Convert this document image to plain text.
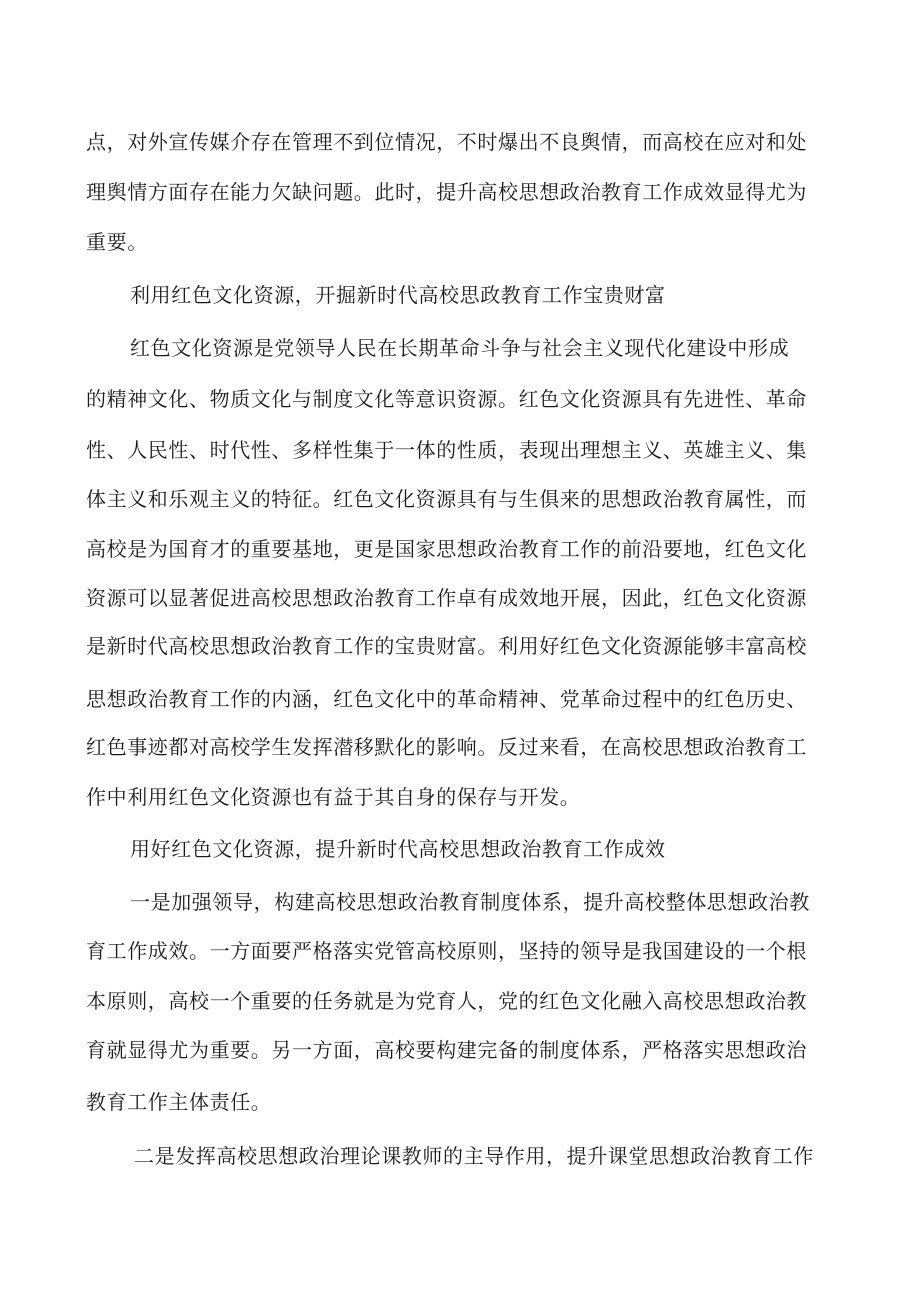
点，对外宣传媒介存在管理不到位情况，不时爆出不良舆情，而高校在应对和处
理舆情方面存在能力欠缺问题。此时，提升高校思想政治教育工作成效显得尤为
重要。
利用红色文化资源，开掘新时代高校思政教育工作宝贵财富
红色文化资源是党领导人民在长期革命斗争与社会主义现代化建设中形成
的精神文化、物质文化与制度文化等意识资源。红色文化资源具有先进性、革命
性、人民性、时代性、多样性集于一体的性质，表现出理想主义、英雄主义、集
体主义和乐观主义的特征。红色文化资源具有与生俱来的思想政治教育属性，而
高校是为国育才的重要基地，更是国家思想政治教育工作的前沿要地，红色文化
资源可以显著促进高校思想政治教育工作卓有成效地开展，因此，红色文化资源
是新时代高校思想政治教育工作的宝贵财富。利用好红色文化资源能够丰富高校
思想政治教育工作的内涵，红色文化中的革命精神、党革命过程中的红色历史、
红色事迹都对高校学生发挥潜移默化的影响。反过来看，在高校思想政治教育工
作中利用红色文化资源也有益于其自身的保存与开发。
用好红色文化资源，提升新时代高校思想政治教育工作成效
一是加强领导，构建高校思想政治教育制度体系，提升高校整体思想政治教
育工作成效。一方面要严格落实党管高校原则，坚持的领导是我国建设的一个根
本原则，高校一个重要的任务就是为党育人，党的红色文化融入高校思想政治教
育就显得尤为重要。另一方面，高校要构建完备的制度体系，严格落实思想政治
教育工作主体责任。
二是发挥高校思想政治理论课教师的主导作用，提升课堂思想政治教育工作
